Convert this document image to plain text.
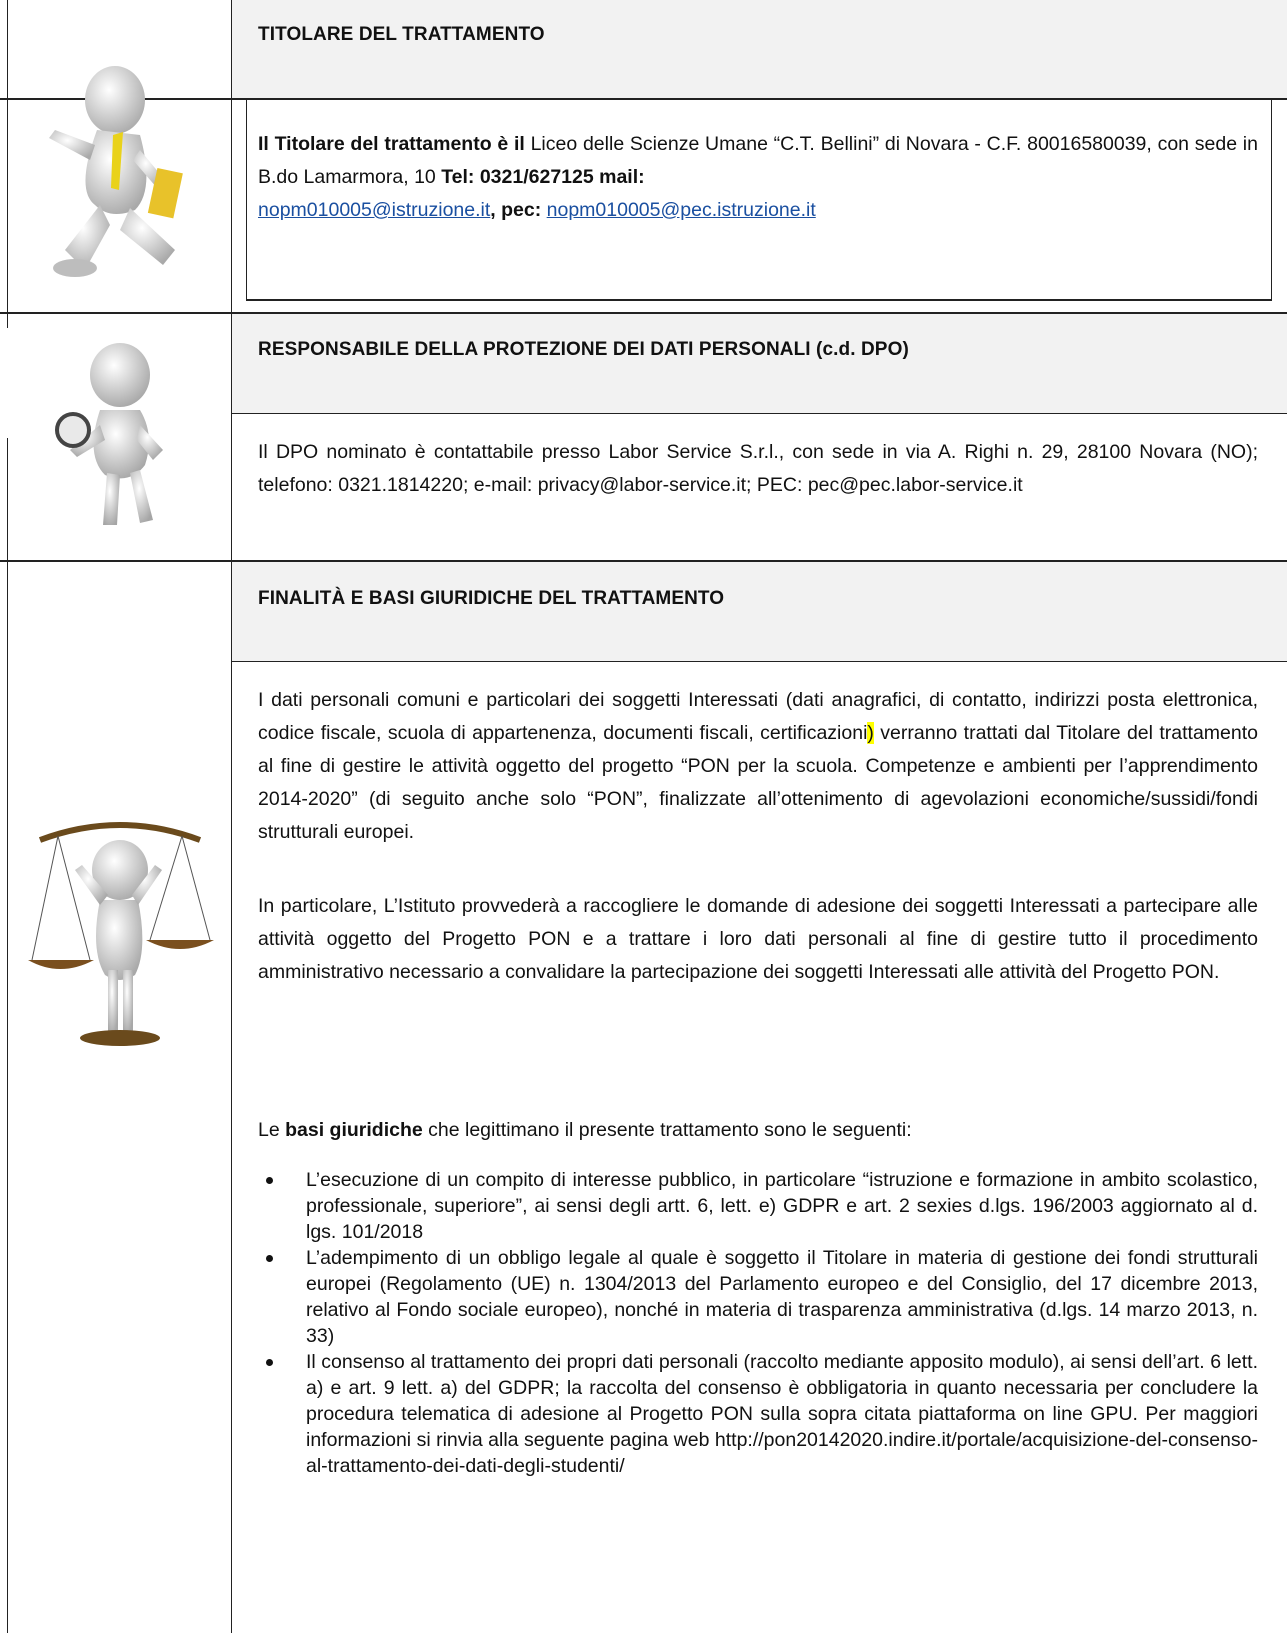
TITOLARE DEL TRATTAMENTO
Il Titolare del trattamento è il Liceo delle Scienze Umane “C.T. Bellini” di Novara - C.F. 80016580039, con sede in B.do Lamarmora, 10 Tel: 0321/627125 mail:
nopm010005@istruzione.it, pec: nopm010005@pec.istruzione.it
RESPONSABILE DELLA PROTEZIONE DEI DATI PERSONALI (c.d. DPO)
Il DPO nominato è contattabile presso Labor Service S.r.l., con sede in via A. Righi n. 29, 28100 Novara (NO); telefono: 0321.1814220; e-mail: privacy@labor-service.it; PEC: pec@pec.labor-service.it
FINALITÀ E BASI GIURIDICHE DEL TRATTAMENTO
I dati personali comuni e particolari dei soggetti Interessati (dati anagrafici, di contatto, indirizzi posta elettronica, codice fiscale, scuola di appartenenza, documenti fiscali, certificazioni) verranno trattati dal Titolare del trattamento al fine di gestire le attività oggetto del progetto “PON per la scuola. Competenze e ambienti per l’apprendimento 2014-2020” (di seguito anche solo “PON”, finalizzate all’ottenimento di agevolazioni economiche/sussidi/fondi strutturali europei.
In particolare, L’Istituto provvederà a raccogliere le domande di adesione dei soggetti Interessati a partecipare alle attività oggetto del Progetto PON e a trattare i loro dati personali al fine di gestire tutto il procedimento amministrativo necessario a convalidare la partecipazione dei soggetti Interessati alle attività del Progetto PON.
Le basi giuridiche che legittimano il presente trattamento sono le seguenti:
L’esecuzione di un compito di interesse pubblico, in particolare “istruzione e formazione in ambito scolastico, professionale, superiore”, ai sensi degli artt. 6, lett. e) GDPR e art. 2 sexies d.lgs. 196/2003 aggiornato al d. lgs. 101/2018
L’adempimento di un obbligo legale al quale è soggetto il Titolare in materia di gestione dei fondi strutturali europei (Regolamento (UE) n. 1304/2013 del Parlamento europeo e del Consiglio, del 17 dicembre 2013, relativo al Fondo sociale europeo), nonché in materia di trasparenza amministrativa (d.lgs. 14 marzo 2013, n. 33)
Il consenso al trattamento dei propri dati personali (raccolto mediante apposito modulo), ai sensi dell’art. 6 lett. a) e art. 9 lett. a) del GDPR; la raccolta del consenso è obbligatoria in quanto necessaria per concludere la procedura telematica di adesione al Progetto PON sulla sopra citata piattaforma on line GPU. Per maggiori informazioni si rinvia alla seguente pagina web http://pon20142020.indire.it/portale/acquisizione-del-consenso-al-trattamento-dei-dati-degli-studenti/
